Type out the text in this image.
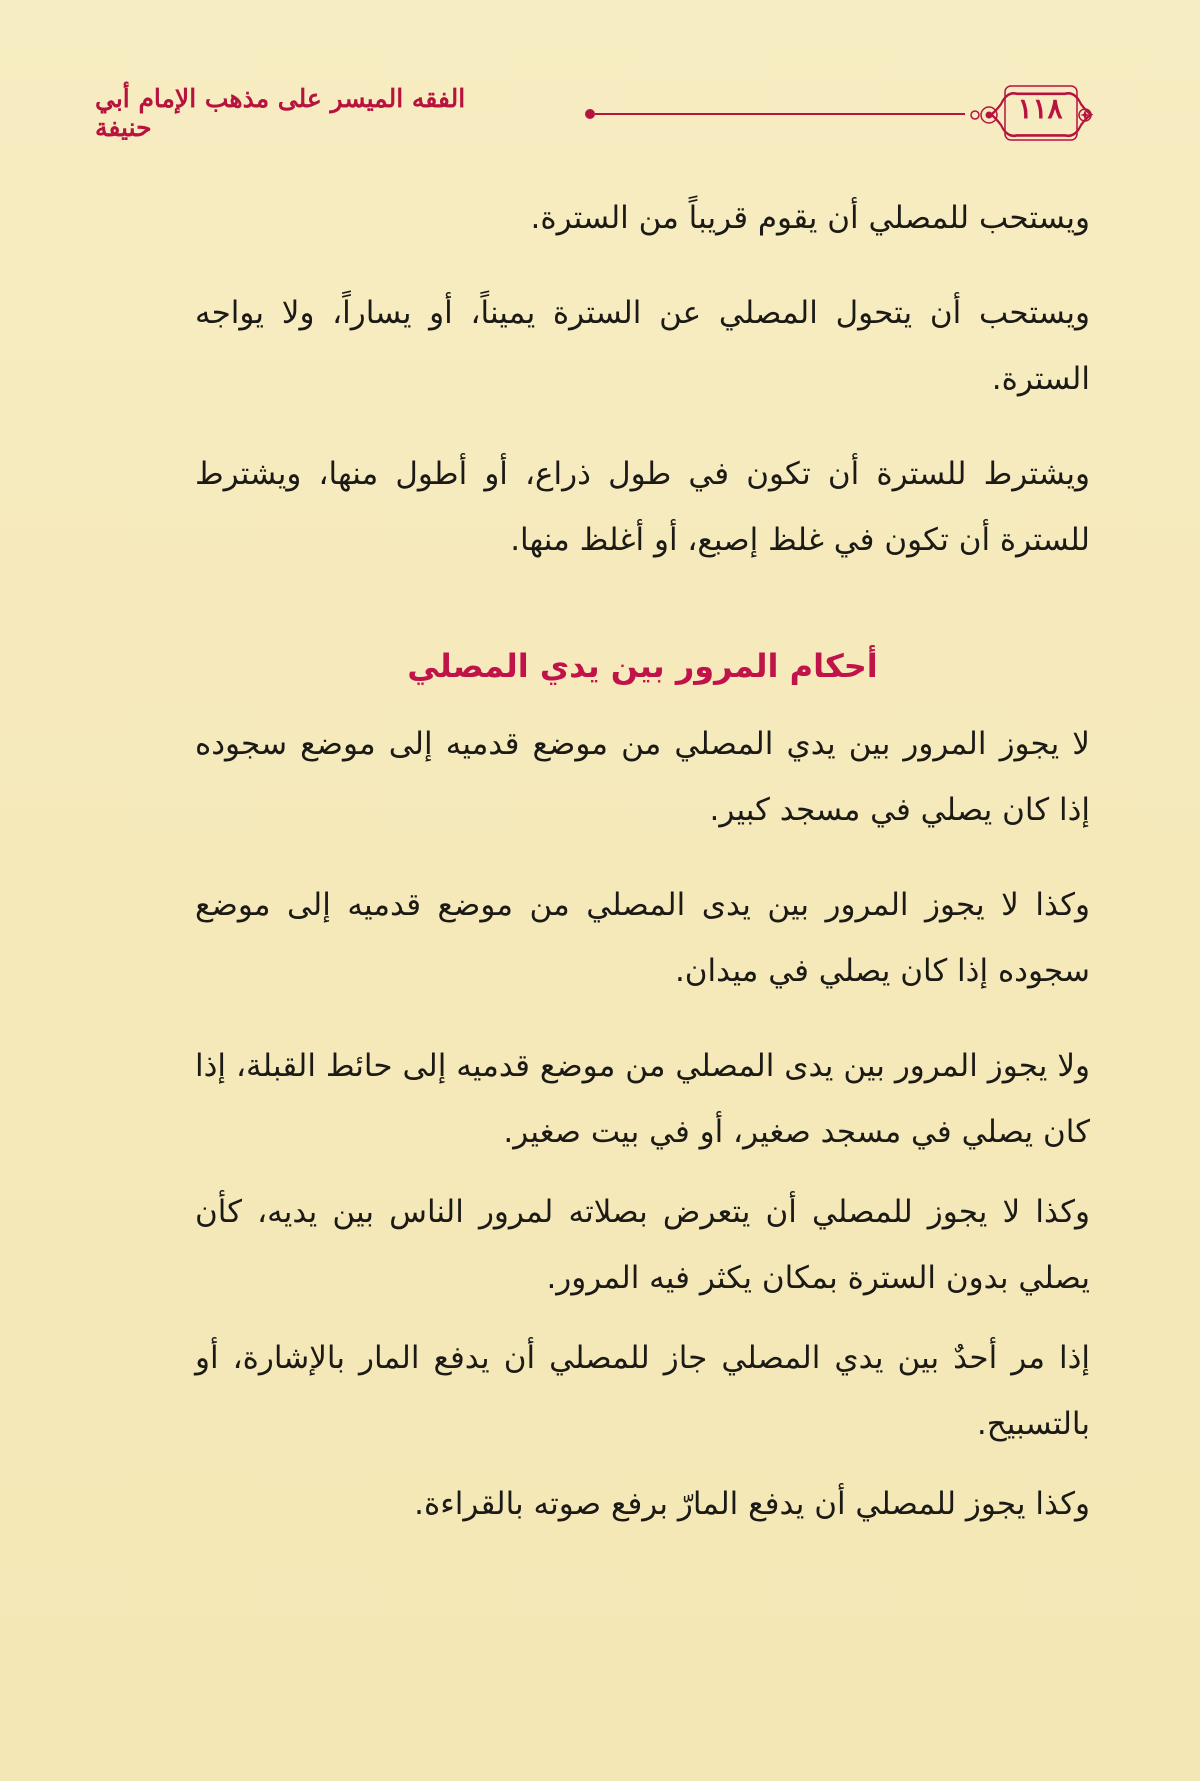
١١٨
الفقه الميسر على مذهب الإمام أبي حنيفة

ويستحب للمصلي أن يقوم قريباً من السترة.

ويستحب أن يتحول المصلي عن السترة يميناً، أو يساراً، ولا يواجه السترة.

ويشترط للسترة أن تكون في طول ذراع، أو أطول منها، ويشترط للسترة أن تكون في غلظ إصبع، أو أغلظ منها.

أحكام المرور بين يدي المصلي

لا يجوز المرور بين يدي المصلي من موضع قدميه إلى موضع سجوده إذا كان يصلي في مسجد كبير.

وكذا لا يجوز المرور بين يدى المصلي من موضع قدميه إلى موضع سجوده إذا كان يصلي في ميدان.

ولا يجوز المرور بين يدى المصلي من موضع قدميه إلى حائط القبلة، إذا كان يصلي في مسجد صغير، أو في بيت صغير.

وكذا لا يجوز للمصلي أن يتعرض بصلاته لمرور الناس بين يديه، كأن يصلي بدون السترة بمكان يكثر فيه المرور.

إذا مر أحدٌ بين يدي المصلي جاز للمصلي أن يدفع المار بالإشارة، أو بالتسبيح.

وكذا يجوز للمصلي أن يدفع المارّ برفع صوته بالقراءة.
